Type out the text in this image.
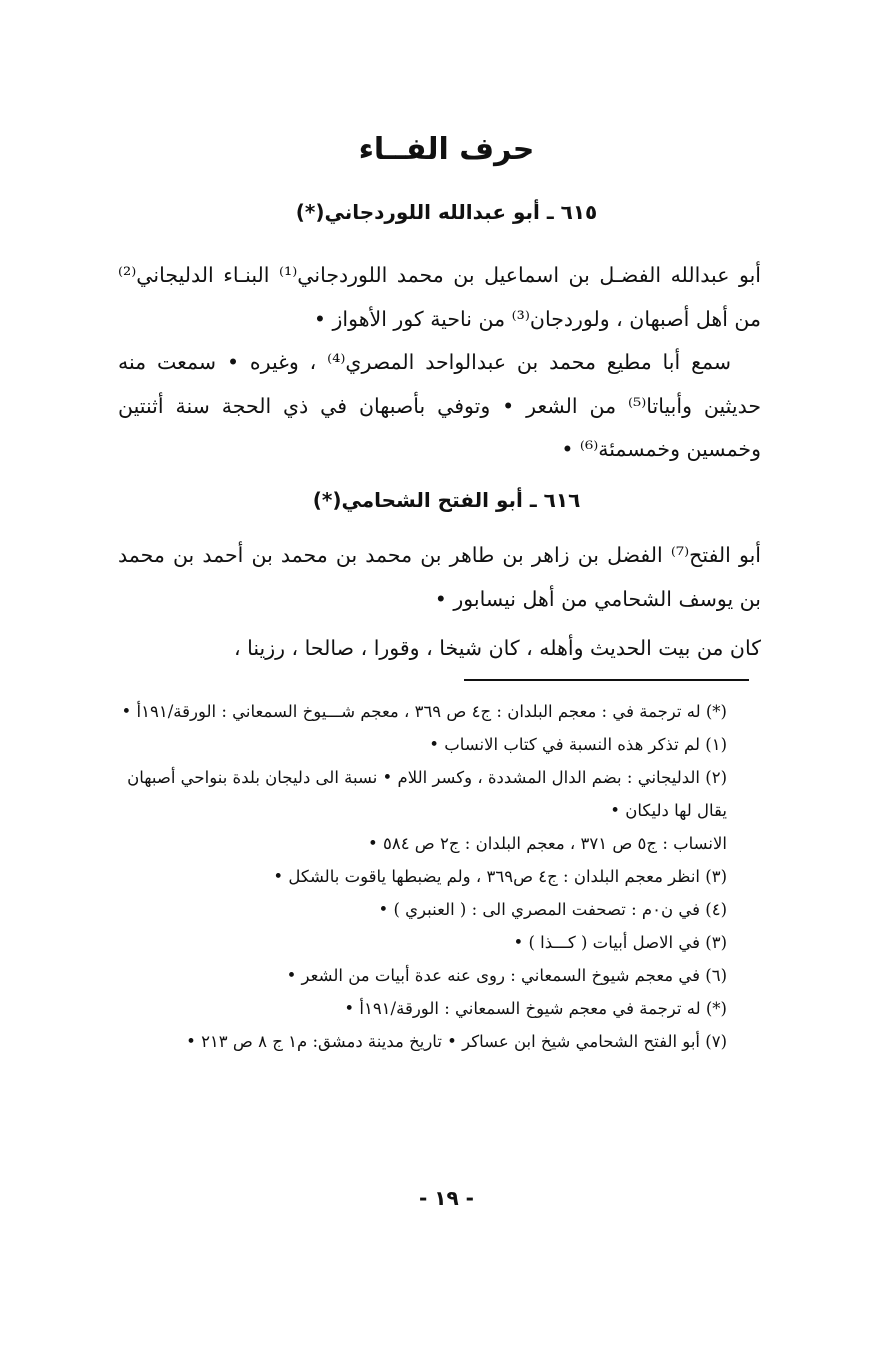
حرف الفــاء
٦١٥ ـ أبو عبدالله اللوردجاني(*)

أبو عبدالله الفضـل بن اسماعيل بن محمد اللوردجاني⁽¹⁾ البنـاء الدليجاني⁽²⁾ من أهل أصبهان ، ولوردجان⁽³⁾ من ناحية كور الأهواز •

سمع أبا مطيع محمد بن عبدالواحد المصري⁽⁴⁾ ، وغيره • سمعت منه حديثين وأبياتا⁽⁵⁾ من الشعر • وتوفي بأصبهان في ذي الحجة سنة أثنتين وخمسين وخمسمئة⁽⁶⁾ •

٦١٦ ـ أبو الفتح الشحامي(*)

أبو الفتح⁽⁷⁾ الفضل بن زاهر بن طاهر بن محمد بن محمد بن أحمد بن محمد بن يوسف الشحامي من أهل نيسابور •

كان من بيت الحديث وأهله ، كان شيخا ، وقورا ، صالحا ، رزينا ،

(*) له ترجمة في : معجم البلدان : ج٤ ص ٣٦٩ ، معجم شـــيوخ السمعاني : الورقة/١٩١أ •

(١) لم تذكر هذه النسبة في كتاب الانساب •

(٢) الدليجاني : بضم الدال المشددة ، وكسر اللام • نسبة الى دليجان بلدة بنواحي أصبهان يقال لها دليكان •

الانساب : ج٥ ص ٣٧١ ، معجم البلدان : ج٢ ص ٥٨٤ •

(٣) انظر معجم البلدان : ج٤ ص٣٦٩ ، ولم يضبطها ياقوت بالشكل •

(٤) في ن٠م : تصحفت المصري الى : ( العنبري ) •

(٣) في الاصل أبيات ( كـــذا ) •

(٦) في معجم شيوخ السمعاني : روى عنه عدة أبيات من الشعر •

(*) له ترجمة في معجم شيوخ السمعاني : الورقة/١٩١أ •

(٧) أبو الفتح الشحامي شيخ ابن عساكر • تاريخ مدينة دمشق: م١ ج ٨ ص ٢١٣ •

- ١٩ -
